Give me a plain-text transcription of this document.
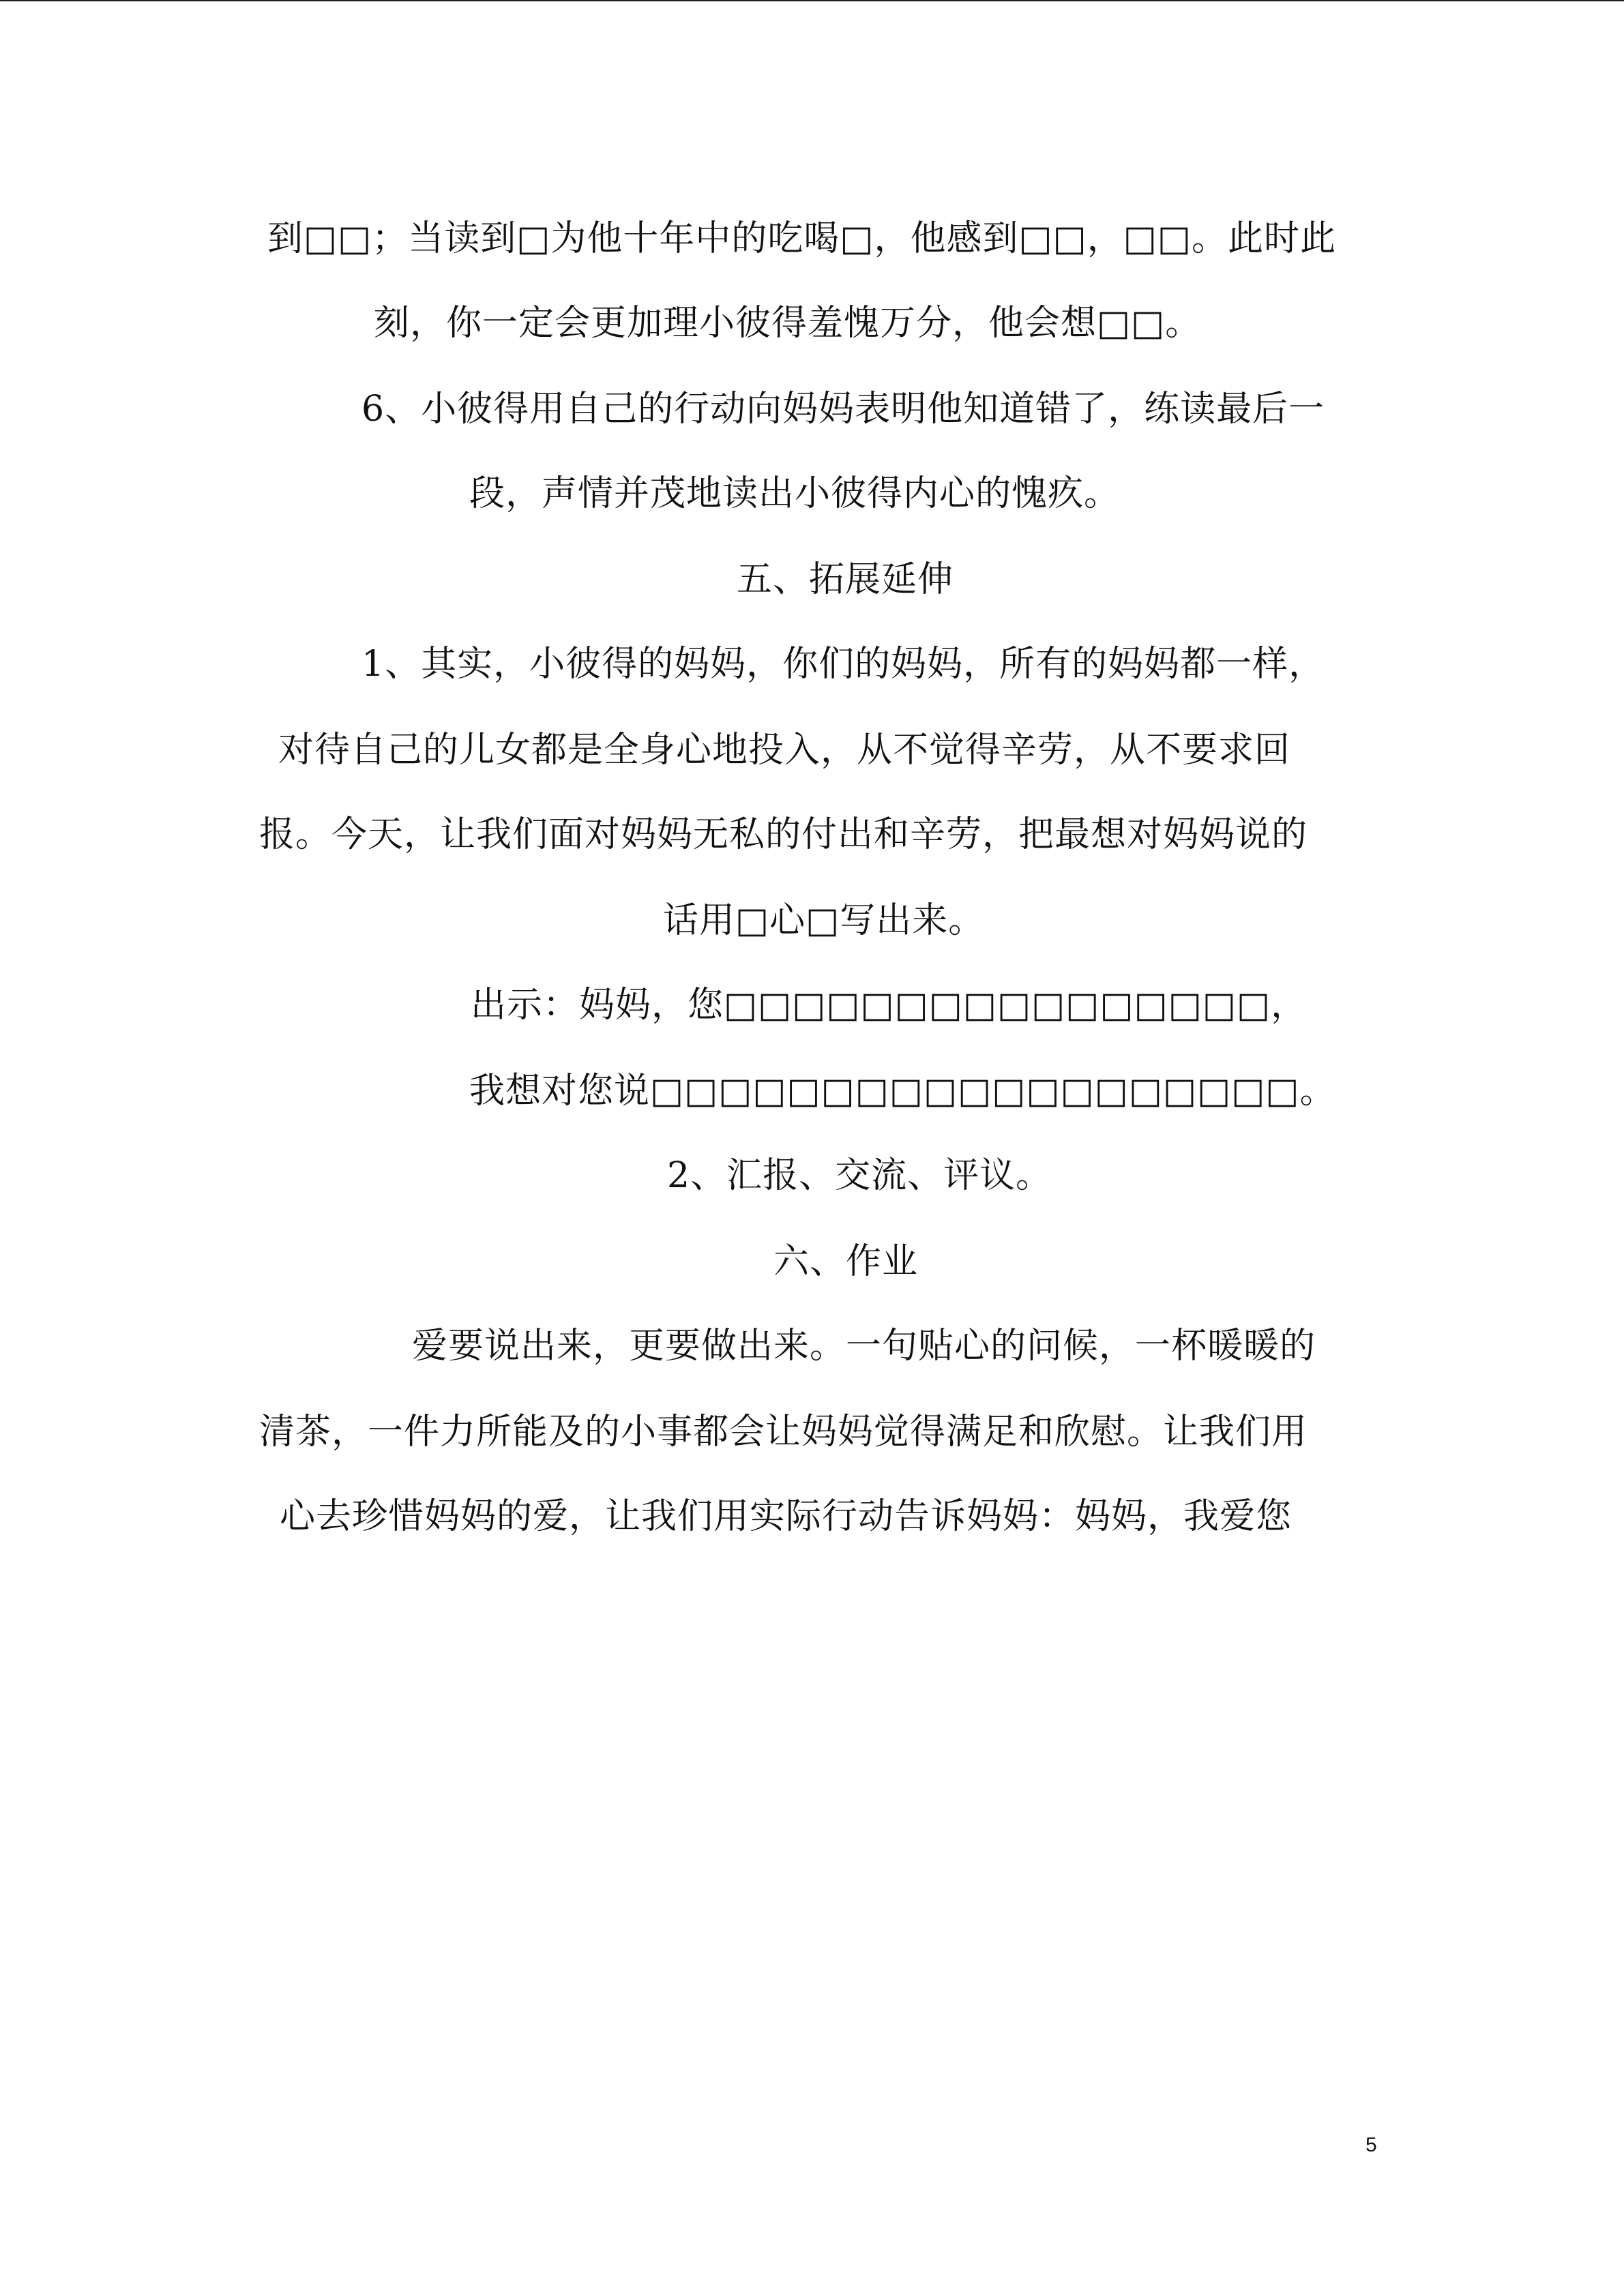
到□□；当读到□为他十年中的吃喝□，他感到□□，□□。此时此
刻，你一定会更加理小彼得羞愧万分，他会想□□。
6、小彼得用自己的行动向妈妈表明他知道错了，练读最后一
段，声情并茂地读出小彼得内心的愧疚。
五、拓展延伸
1、其实，小彼得的妈妈，你们的妈妈，所有的妈妈都一样，
对待自己的儿女都是全身心地投入，从不觉得辛劳，从不要求回
报。今天，让我们面对妈妈无私的付出和辛劳，把最想对妈妈说的
话用□心□写出来。
出示：妈妈，您□□□□□□□□□□□□□□□□，
我想对您说□□□□□□□□□□□□□□□□□□□。
2、汇报、交流、评议。
六、作业
爱要说出来，更要做出来。一句贴心的问候，一杯暖暖的
清茶，一件力所能及的小事都会让妈妈觉得满足和欣慰。让我们用
心去珍惜妈妈的爱，让我们用实际行动告诉妈妈：妈妈，我爱您
5
